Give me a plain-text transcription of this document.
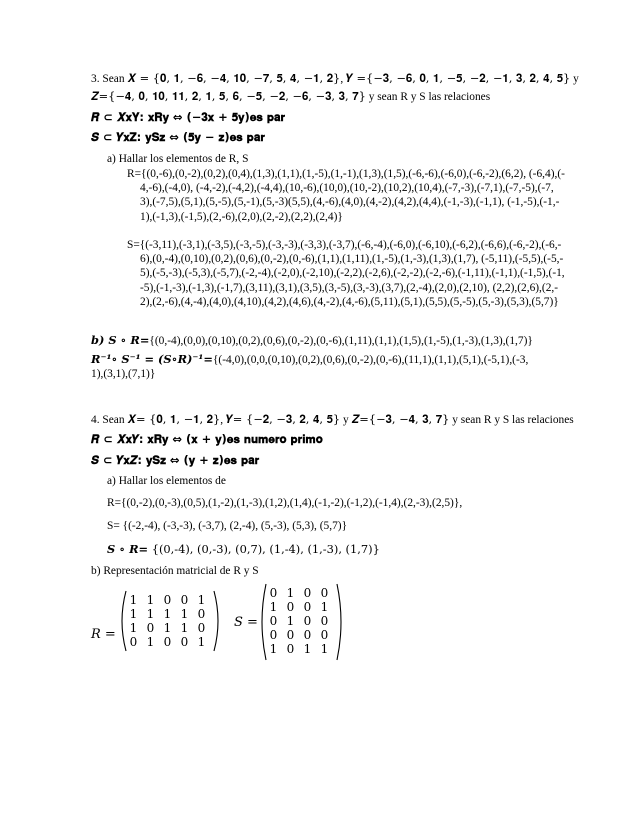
3. Sean 𝑿 = {𝟎, 𝟏, −𝟔, −𝟒, 𝟏𝟎, −𝟕, 𝟓, 𝟒, −𝟏, 𝟐}, 𝒀 ={−𝟑, −𝟔, 𝟎, 𝟏, −𝟓, −𝟐, −𝟏, 𝟑, 𝟐, 𝟒, 𝟓} y
𝒁={−𝟒, 𝟎, 𝟏𝟎, 𝟏𝟏, 𝟐, 𝟏, 𝟓, 𝟔, −𝟓, −𝟐, −𝟔, −𝟑, 𝟑, 𝟕} y sean R y S las relaciones
𝑹 ⊂ 𝑿𝐱𝐘: 𝐱𝐑𝐲 ⇔ (−𝟑𝐱 + 𝟓𝐲)𝐞𝐬 𝐩𝐚𝐫
𝑺 ⊂ 𝒀𝐱𝐙: 𝐲𝐒𝐳 ⇔ (𝟓𝐲 − 𝐳)𝐞𝐬 𝐩𝐚𝐫
a) Hallar los elementos de R, S
R={(0,-6),(0,-2),(0,2),(0,4),(1,3),(1,1),(1,-5),(1,-1),(1,3),(1,5),(-6,-6),(-6,0),(-6,-2),(6,2), (-6,4),(-4,-6),(-4,0), (-4,-2),(-4,2),(-4,4),(10,-6),(10,0),(10,-2),(10,2),(10,4),(-7,-3),(-7,1),(-7,-5),(-7,3),(-7,5),(5,1),(5,-5),(5,-1),(5,-3)(5,5),(4,-6),(4,0),(4,-2),(4,2),(4,4),(-1,-3),(-1,1), (-1,-5),(-1,-1),(-1,3),(-1,5),(2,-6),(2,0),(2,-2),(2,2),(2,4)}
S={(-3,11),(-3,1),(-3,5),(-3,-5),(-3,-3),(-3,3),(-3,7),(-6,-4),(-6,0),(-6,10),(-6,2),(-6,6),(-6,-2),(-6,-6),(0,-4),(0,10),(0,2),(0,6),(0,-2),(0,-6),(1,1),(1,11),(1,-5),(1,-3),(1,3),(1,7), (-5,11),(-5,5),(-5,-5),(-5,-3),(-5,3),(-5,7),(-2,-4),(-2,0),(-2,10),(-2,2),(-2,6),(-2,-2),(-2,-6),(-1,11),(-1,1),(-1,5),(-1,-5),(-1,-3),(-1,3),(-1,7),(3,11),(3,1),(3,5),(3,-5),(3,-3),(3,7),(2,-4),(2,0),(2,10), (2,2),(2,6),(2,-2),(2,-6),(4,-4),(4,0),(4,10),(4,2),(4,6),(4,-2),(4,-6),(5,11),(5,1),(5,5),(5,-5),(5,-3),(5,3),(5,7)}
b) 𝑺 ∘ 𝑹={(0,-4),(0,0),(0,10),(0,2),(0,6),(0,-2),(0,-6),(1,11),(1,1),(1,5),(1,-5),(1,-3),(1,3),(1,7)}
𝑹⁻¹∘ 𝑺⁻¹ = (S∘R)⁻¹={(-4,0),(0,0,(0,10),(0,2),(0,6),(0,-2),(0,-6),(11,1),(1,1),(5,1),(-5,1),(-3,1),(3,1),(7,1)}
4. Sean 𝑿= {𝟎, 𝟏, −𝟏, 𝟐}, 𝒀= {−𝟐, −𝟑, 𝟐, 𝟒, 𝟓} y 𝒁={−𝟑, −𝟒, 𝟑, 𝟕} y sean R y S las relaciones
𝑹 ⊂ 𝑿𝐱𝒀: 𝐱𝐑𝐲 ⇔ (𝐱 + 𝐲)𝐞𝐬 𝐧𝐮𝐦𝐞𝐫𝐨 𝐩𝐫𝐢𝐦𝐨
𝑺 ⊂ 𝒀𝐱𝒁: 𝐲𝐒𝐳 ⇔ (𝐲 + 𝐳)𝐞𝐬 𝐩𝐚𝐫
a) Hallar los elementos de
R={(0,-2),(0,-3),(0,5),(1,-2),(1,-3),(1,2),(1,4),(-1,-2),(-1,2),(-1,4),(2,-3),(2,5)},
S= {(-2,-4), (-3,-3), (-3,7), (2,-4), (5,-3), (5,3), (5,7)}
𝑺 ∘ 𝑹= {(0,-4), (0,-3), (0,7), (1,-4), (1,-3), (1,7)}
b) Representación matricial de R y S
𝑅 =
1	1	0	0	1
1	1	1	1	0
1	0	1	1	0
0	1	0	0	1
𝑆 =
0	1	0	0
1	0	0	1
0	1	0	0
0	0	0	0
1	0	1	1
